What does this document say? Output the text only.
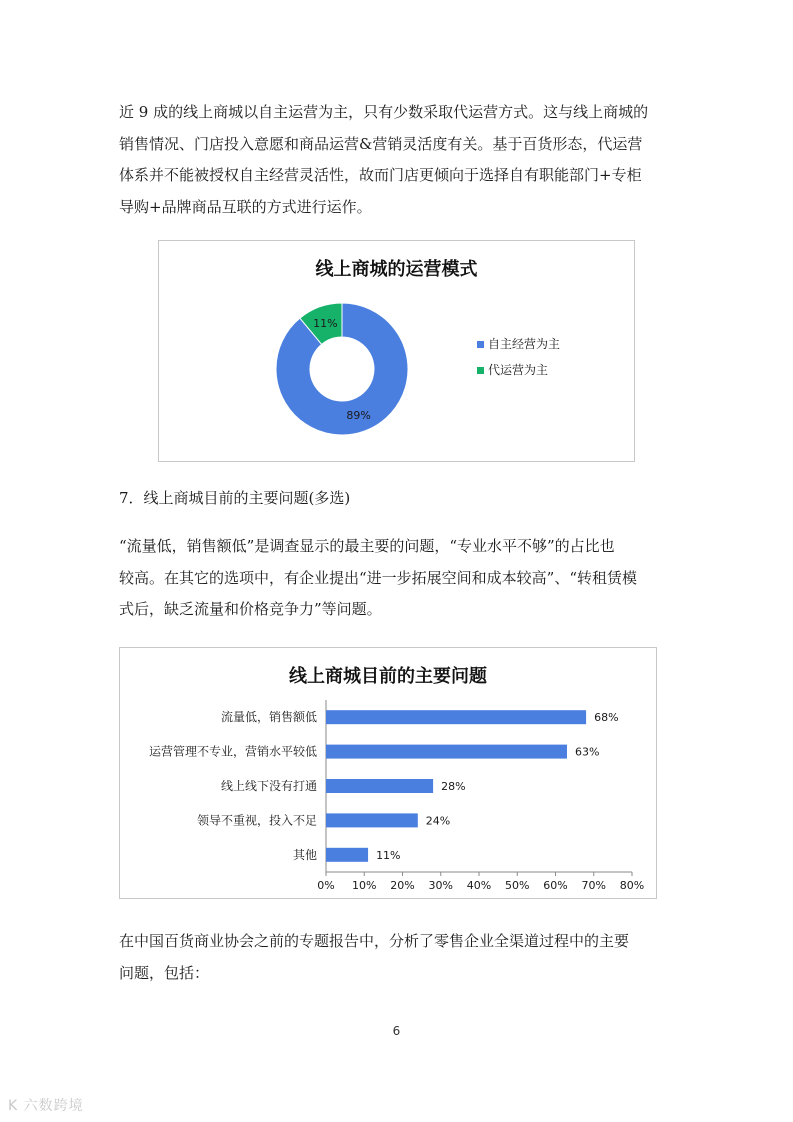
近 9 成的线上商城以自主运营为主，只有少数采取代运营方式。这与线上商城的
销售情况、门店投入意愿和商品运营&营销灵活度有关。基于百货形态，代运营
体系并不能被授权自主经营灵活性，故而门店更倾向于选择自有职能部门+专柜
导购+品牌商品互联的方式进行运作。
线上商城的运营模式
89%
11%
自主经营为主
代运营为主
7．线上商城目前的主要问题(多选)
“流量低，销售额低”是调查显示的最主要的问题，“专业水平不够”的占比也
较高。在其它的选项中，有企业提出“进一步拓展空间和成本较高”、“转租赁模
式后，缺乏流量和价格竞争力”等问题。
线上商城目前的主要问题
0% 10% 20% 30% 40% 50% 60% 70% 80%
流量低，销售额低	68%
运营管理不专业，营销水平较低	63%
线上线下没有打通	28%
领导不重视，投入不足	24%
其他	11%
在中国百货商业协会之前的专题报告中，分析了零售企业全渠道过程中的主要
问题，包括：
6
K 六数跨境
